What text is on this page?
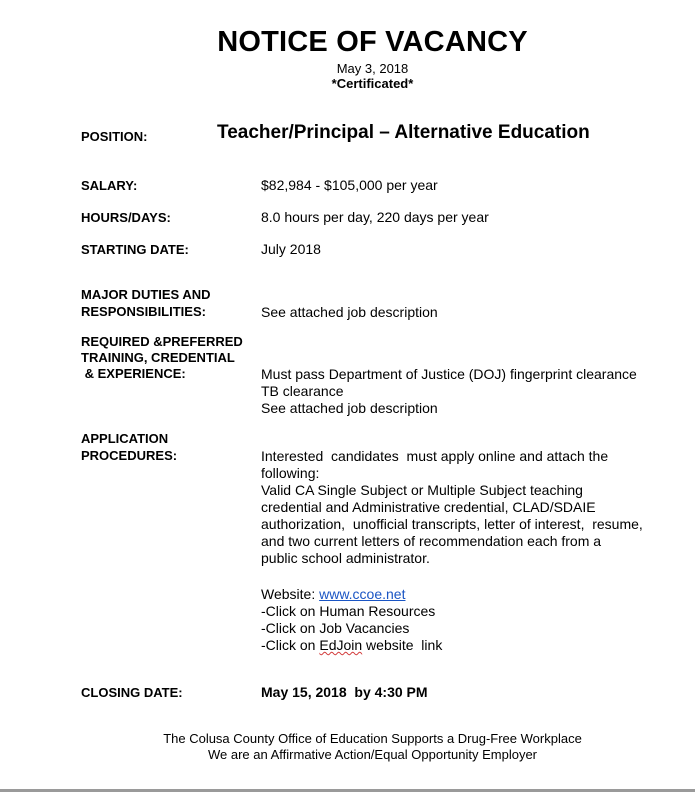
NOTICE OF VACANCY
May 3, 2018
*Certificated*
POSITION:	Teacher/Principal – Alternative Education
SALARY:	$82,984 - $105,000 per year
HOURS/DAYS:	8.0 hours per day, 220 days per year
STARTING DATE:	July 2018
MAJOR DUTIES AND
RESPONSIBILITIES:	See attached job description
REQUIRED &PREFERRED
TRAINING, CREDENTIAL
& EXPERIENCE:	Must pass Department of Justice (DOJ) fingerprint clearance
TB clearance
See attached job description
APPLICATION
PROCEDURES:	Interested  candidates  must apply online and attach the
following:
Valid CA Single Subject or Multiple Subject teaching
credential and Administrative credential, CLAD/SDAIE
authorization,  unofficial transcripts, letter of interest,  resume,
and two current letters of recommendation each from a
public school administrator.
Website: www.ccoe.net
-Click on Human Resources
-Click on Job Vacancies
-Click on EdJoin website  link
CLOSING DATE:	May 15, 2018  by 4:30 PM
The Colusa County Office of Education Supports a Drug-Free Workplace
We are an Affirmative Action/Equal Opportunity Employer
